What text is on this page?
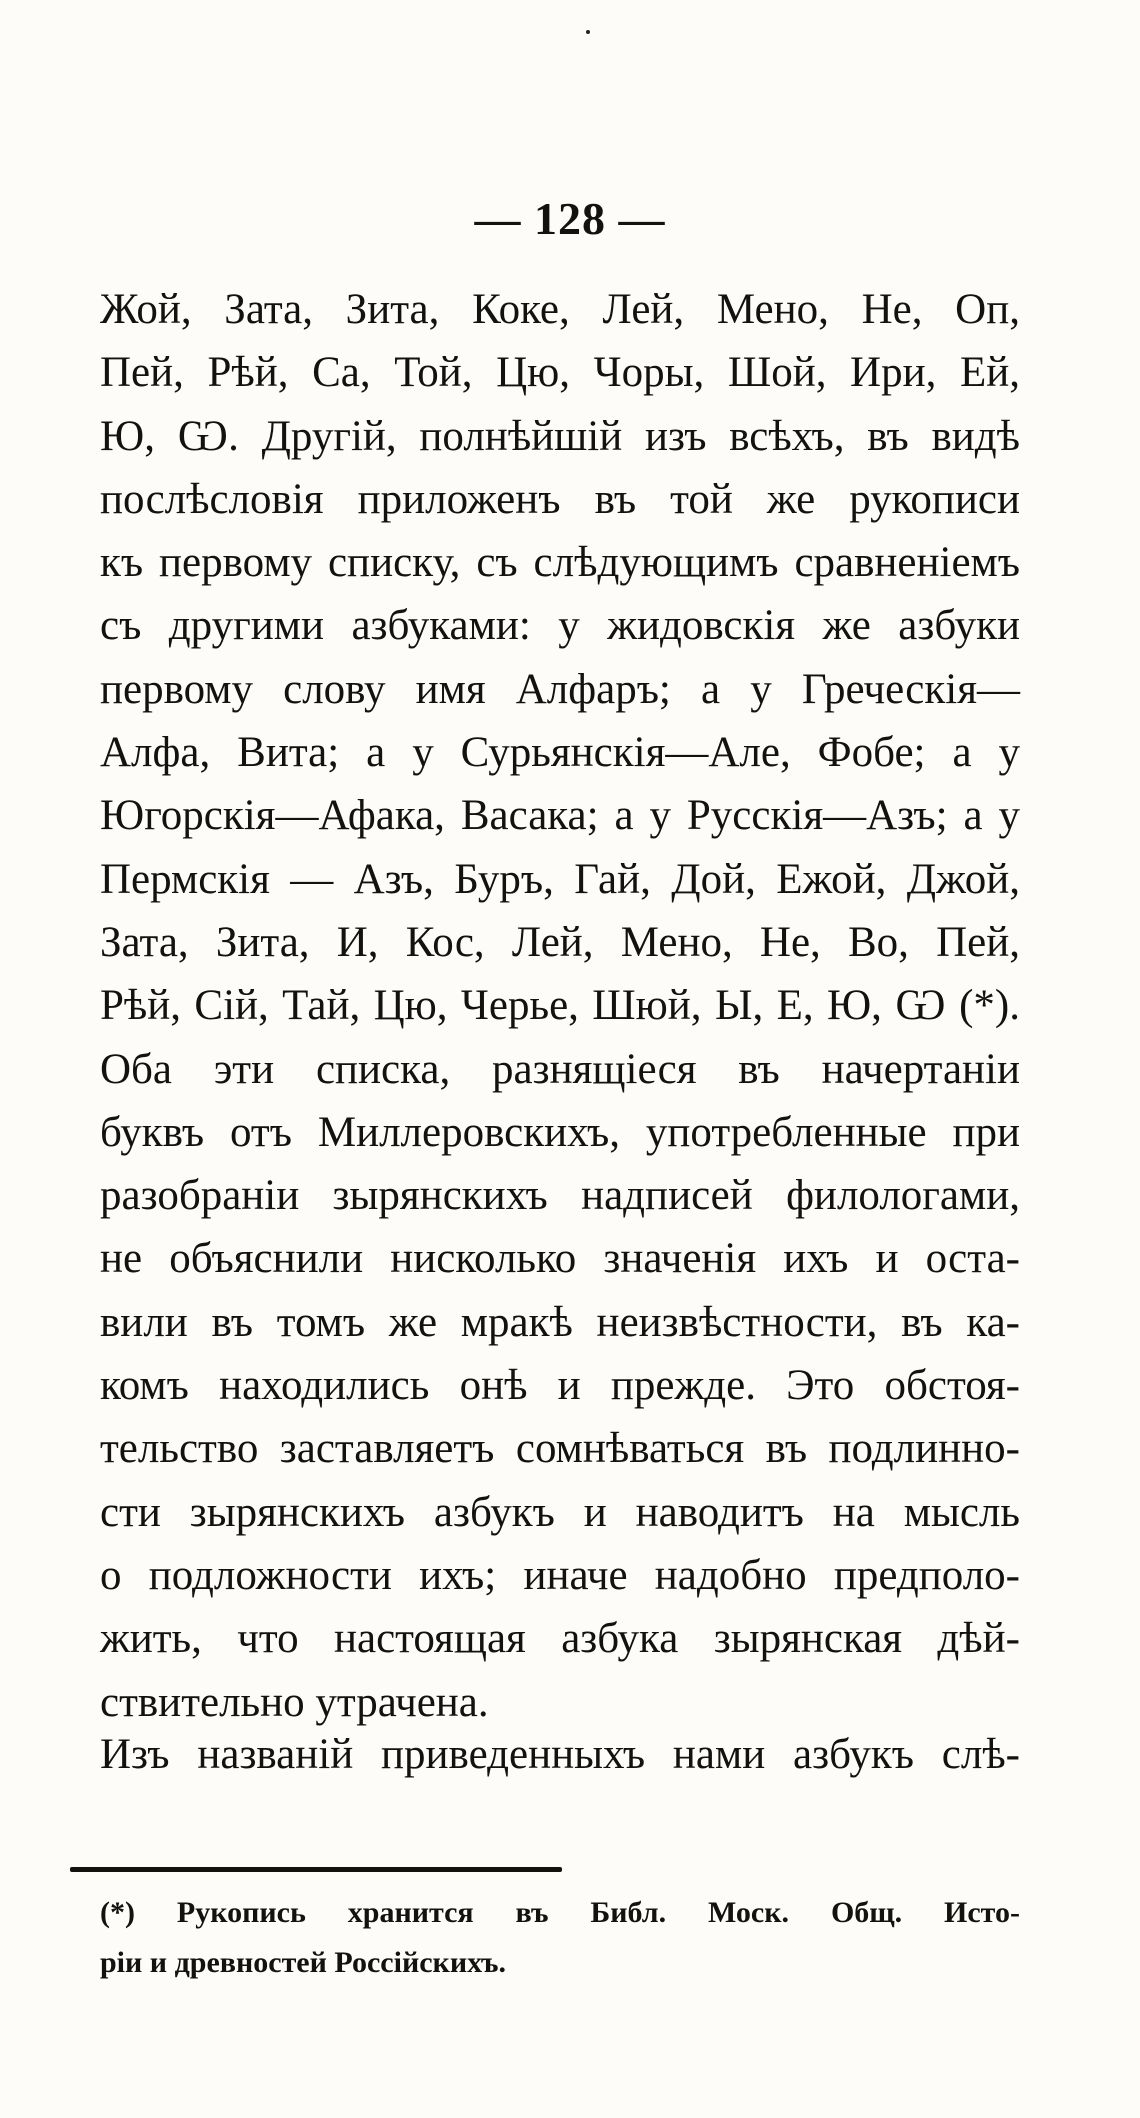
— 128 —
Жой, Зата, Зита, Коке, Лей, Мено, Не, Оп,
Пей, Рѣй, Са, Той, Цю, Чоры, Шой, Ири, Ей,
Ю, Ѡ. Другій, полнѣйшій изъ всѣхъ, въ видѣ
послѣсловія приложенъ въ той же рукописи
къ первому списку, съ слѣдующимъ сравненіемъ
съ другими азбуками: у жидовскія же азбуки
первому слову имя Алфаръ; а у Греческія—
Алфа, Вита; а у Сурьянскія—Але, Фобе; а у
Югорскія—Афака, Васака; а у Русскія—Азъ; а у
Пермскія — Азъ, Буръ, Гай, Дой, Ежой, Джой,
Зата, Зита, И, Кос, Лей, Мено, Не, Во, Пей,
Рѣй, Сій, Тай, Цю, Черье, Шюй, Ы, Е, Ю, Ѡ (*).
Оба эти списка, разнящіеся въ начертаніи
буквъ отъ Миллеровскихъ, употребленные при
разобраніи зырянскихъ надписей филологами,
не объяснили нисколько значенія ихъ и оста-
вили въ томъ же мракѣ неизвѣстности, въ ка-
комъ находились онѣ и прежде. Это обстоя-
тельство заставляетъ сомнѣваться въ подлинно-
сти зырянскихъ азбукъ и наводитъ на мысль
о подложности ихъ; иначе надобно предполо-
жить, что настоящая азбука зырянская дѣй-
ствительно утрачена.
Изъ названій приведенныхъ нами азбукъ слѣ-
(*) Рукопись хранится въ Библ. Моск. Общ. Исто-
ріи и древностей Россійскихъ.
